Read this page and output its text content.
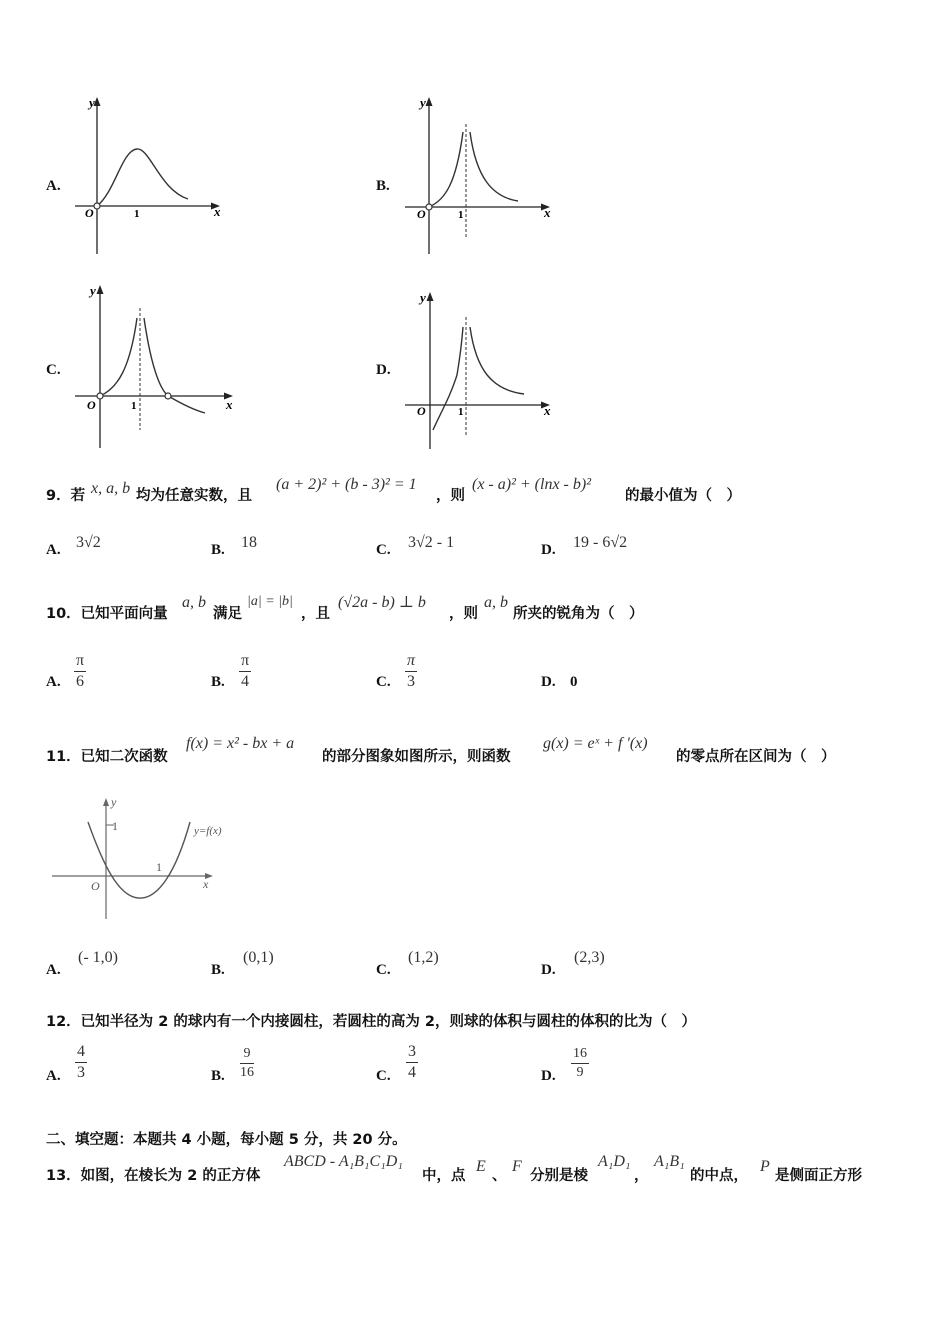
A.
y
x
O	1
B.
y
x
O	1
C.
y
x
O	1
D.
y
x
O	1
9．若 x, a, b 均为任意实数，且
(a + 2)² + (b - 3)² = 1
，则
(x - a)² + (lnx - b)²
的最小值为（　）
A. 3√2	B. 18	C. 3√2 - 1	D. 19 - 6√2
10．已知平面向量
a, b
满足
|a| = |b|
，且
(√2a - b) ⊥ b
，则
a, b
所夹的锐角为（　）
A. $\frac{\pi}{6}$	B. $\frac{\pi}{4}$	C. $\frac{\pi}{3}$	D. 0
11．已知二次函数
f(x) = x² - bx + a
的部分图象如图所示，则函数
g(x) = eˣ + f '(x)
的零点所在区间为（　）
y
x
O
1
1
y=f(x)
A.
(- 1,0)
B.
(0,1)
C.
(1,2)
D.
(2,3)
12．已知半径为 2 的球内有一个内接圆柱，若圆柱的高为 2，则球的体积与圆柱的体积的比为（　）
A. $\frac{4}{3}$	B. $\frac{9}{16}$	C. $\frac{3}{4}$	D. $\frac{16}{9}$
二、填空题：本题共 4 小题，每小题 5 分，共 20 分。
13．如图，在棱长为 2 的正方体
ABCD - A₁B₁C₁D₁
中，点
E
、
F
分别是棱
A₁D₁
，
A₁B₁
的中点，
P
是侧面正方形
